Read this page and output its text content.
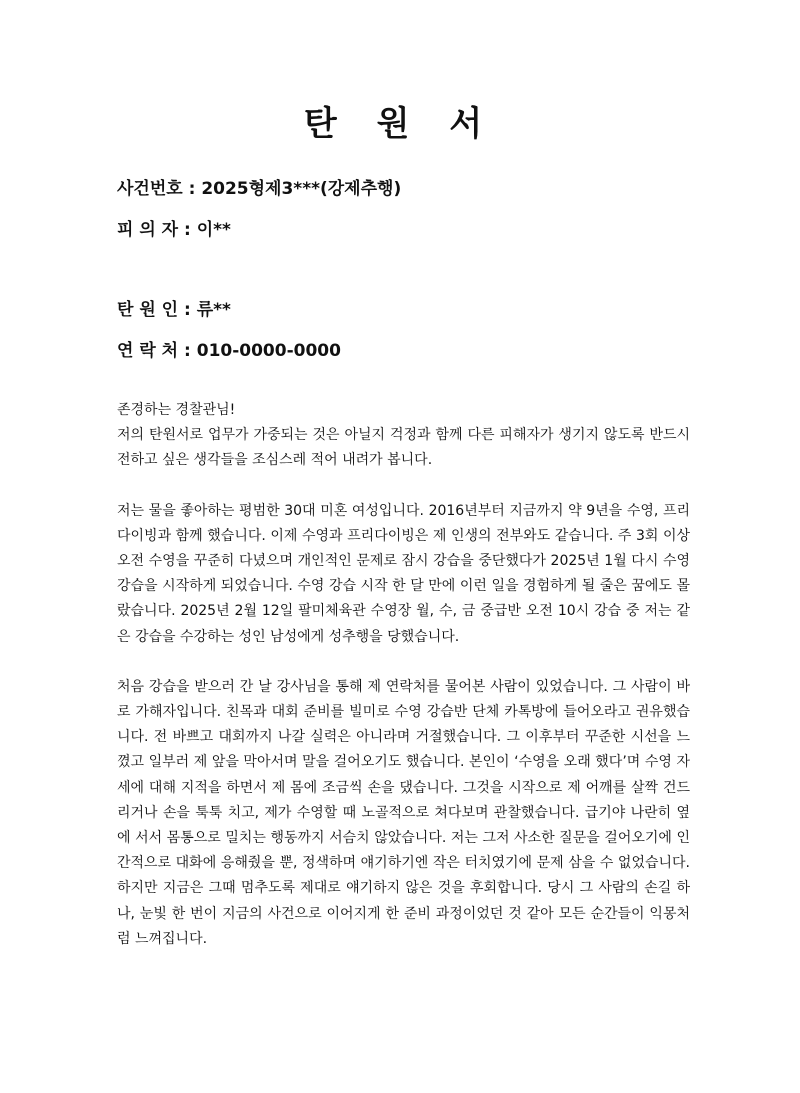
탄 원 서

사건번호 : 2025형제3***(강제추행)

피 의 자 : 이**

탄 원 인 : 류**

연 락 처 : 010-0000-0000

존경하는 경찰관님!

저의 탄원서로 업무가 가중되는 것은 아닐지 걱정과 함께 다른 피해자가 생기지 않도록 반드시 전하고 싶은 생각들을 조심스레 적어 내려가 봅니다.

저는 물을 좋아하는 평범한 30대 미혼 여성입니다. 2016년부터 지금까지 약 9년을 수영, 프리다이빙과 함께 했습니다. 이제 수영과 프리다이빙은 제 인생의 전부와도 같습니다. 주 3회 이상 오전 수영을 꾸준히 다녔으며 개인적인 문제로 잠시 강습을 중단했다가 2025년 1월 다시 수영 강습을 시작하게 되었습니다. 수영 강습 시작 한 달 만에 이런 일을 경험하게 될 줄은 꿈에도 몰랐습니다. 2025년 2월 12일 팔미체육관 수영장 월, 수, 금 중급반 오전 10시 강습 중 저는 같은 강습을 수강하는 성인 남성에게 성추행을 당했습니다.

처음 강습을 받으러 간 날 강사님을 통해 제 연락처를 물어본 사람이 있었습니다. 그 사람이 바로 가해자입니다. 친목과 대회 준비를 빌미로 수영 강습반 단체 카톡방에 들어오라고 권유했습니다. 전 바쁘고 대회까지 나갈 실력은 아니라며 거절했습니다. 그 이후부터 꾸준한 시선을 느꼈고 일부러 제 앞을 막아서며 말을 걸어오기도 했습니다. 본인이 ‘수영을 오래 했다’며 수영 자세에 대해 지적을 하면서 제 몸에 조금씩 손을 댔습니다. 그것을 시작으로 제 어깨를 살짝 건드리거나 손을 툭툭 치고, 제가 수영할 때 노골적으로 쳐다보며 관찰했습니다. 급기야 나란히 옆에 서서 몸통으로 밀치는 행동까지 서슴치 않았습니다. 저는 그저 사소한 질문을 걸어오기에 인간적으로 대화에 응해줬을 뿐, 정색하며 얘기하기엔 작은 터치였기에 문제 삼을 수 없었습니다. 하지만 지금은 그때 멈추도록 제대로 얘기하지 않은 것을 후회합니다. 당시 그 사람의 손길 하나, 눈빛 한 번이 지금의 사건으로 이어지게 한 준비 과정이었던 것 같아 모든 순간들이 익몽처럼 느껴집니다.
